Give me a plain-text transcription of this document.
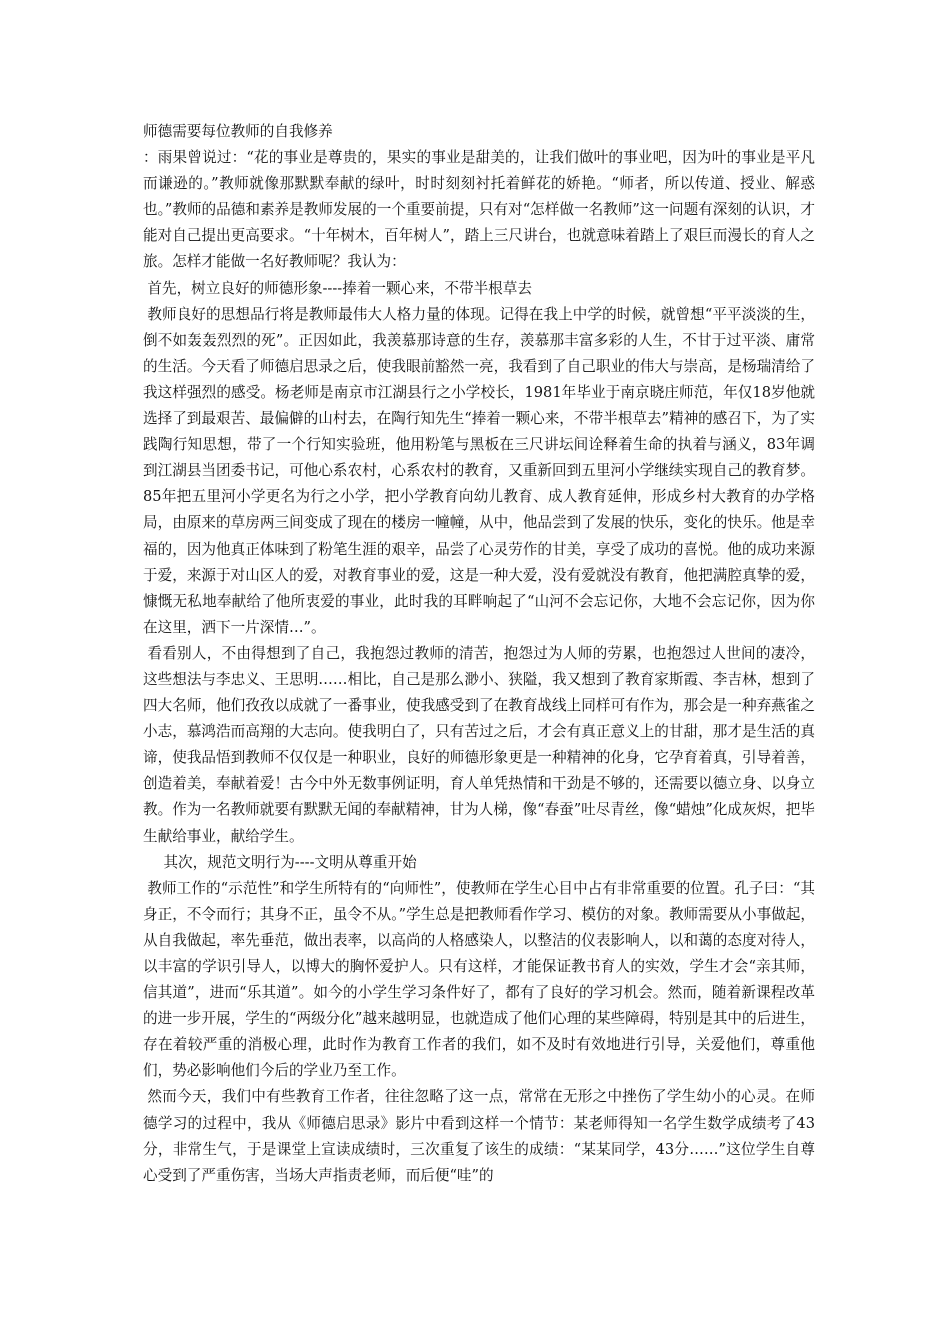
师德需要每位教师的自我修养

：雨果曾说过：“花的事业是尊贵的，果实的事业是甜美的，让我们做叶的事业吧，因为叶的事业是平凡而谦逊的。”教师就像那默默奉献的绿叶，时时刻刻衬托着鲜花的娇艳。“师者，所以传道、授业、解惑也。”教师的品德和素养是教师发展的一个重要前提，只有对“怎样做一名教师”这一问题有深刻的认识，才能对自己提出更高要求。“十年树木，百年树人”，踏上三尺讲台，也就意味着踏上了艰巨而漫长的育人之旅。怎样才能做一名好教师呢？我认为：

首先，树立良好的师德形象----捧着一颗心来，不带半根草去

教师良好的思想品行将是教师最伟大人格力量的体现。记得在我上中学的时候，就曾想“平平淡淡的生，倒不如轰轰烈烈的死”。正因如此，我羡慕那诗意的生存，羡慕那丰富多彩的人生，不甘于过平淡、庸常的生活。今天看了师德启思录之后，使我眼前豁然一亮，我看到了自己职业的伟大与崇高，是杨瑞清给了我这样强烈的感受。杨老师是南京市江湖县行之小学校长，1981年毕业于南京晓庄师范，年仅18岁他就选择了到最艰苦、最偏僻的山村去，在陶行知先生“捧着一颗心来，不带半根草去”精神的感召下，为了实践陶行知思想，带了一个行知实验班，他用粉笔与黑板在三尺讲坛间诠释着生命的执着与涵义，83年调到江湖县当团委书记，可他心系农村，心系农村的教育，又重新回到五里河小学继续实现自己的教育梦。85年把五里河小学更名为行之小学，把小学教育向幼儿教育、成人教育延伸，形成乡村大教育的办学格局，由原来的草房两三间变成了现在的楼房一幢幢，从中，他品尝到了发展的快乐，变化的快乐。他是幸福的，因为他真正体味到了粉笔生涯的艰辛，品尝了心灵劳作的甘美，享受了成功的喜悦。他的成功来源于爱，来源于对山区人的爱，对教育事业的爱，这是一种大爱，没有爱就没有教育，他把满腔真挚的爱，慷慨无私地奉献给了他所衷爱的事业，此时我的耳畔响起了“山河不会忘记你，大地不会忘记你，因为你在这里，洒下一片深情…”。

看看别人，不由得想到了自己，我抱怨过教师的清苦，抱怨过为人师的劳累，也抱怨过人世间的凄冷，这些想法与李忠义、王思明……相比，自己是那么渺小、狭隘，我又想到了教育家斯霞、李吉林，想到了四大名师，他们孜孜以成就了一番事业，使我感受到了在教育战线上同样可有作为，那会是一种弃燕雀之小志，慕鸿浩而高翔的大志向。使我明白了，只有苦过之后，才会有真正意义上的甘甜，那才是生活的真谛，使我品悟到教师不仅仅是一种职业，良好的师德形象更是一种精神的化身，它孕育着真，引导着善，创造着美，奉献着爱！古今中外无数事例证明，育人单凭热情和干劲是不够的，还需要以德立身、以身立教。作为一名教师就要有默默无闻的奉献精神，甘为人梯，像“春蚕”吐尽青丝，像“蜡烛”化成灰烬，把毕生献给事业，献给学生。

其次，规范文明行为----文明从尊重开始

教师工作的“示范性”和学生所特有的“向师性”，使教师在学生心目中占有非常重要的位置。孔子曰：“其身正，不令而行；其身不正，虽令不从。”学生总是把教师看作学习、模仿的对象。教师需要从小事做起，从自我做起，率先垂范，做出表率，以高尚的人格感染人，以整洁的仪表影响人，以和蔼的态度对待人，以丰富的学识引导人，以博大的胸怀爱护人。只有这样，才能保证教书育人的实效，学生才会“亲其师，信其道”，进而“乐其道”。如今的小学生学习条件好了，都有了良好的学习机会。然而，随着新课程改革的进一步开展，学生的“两级分化”越来越明显，也就造成了他们心理的某些障碍，特别是其中的后进生，存在着较严重的消极心理，此时作为教育工作者的我们，如不及时有效地进行引导，关爱他们，尊重他们，势必影响他们今后的学业乃至工作。

然而今天，我们中有些教育工作者，往往忽略了这一点，常常在无形之中挫伤了学生幼小的心灵。在师德学习的过程中，我从《师德启思录》影片中看到这样一个情节：某老师得知一名学生数学成绩考了43分，非常生气，于是课堂上宣读成绩时，三次重复了该生的成绩：“某某同学，43分……”这位学生自尊心受到了严重伤害，当场大声指责老师，而后便“哇”的
